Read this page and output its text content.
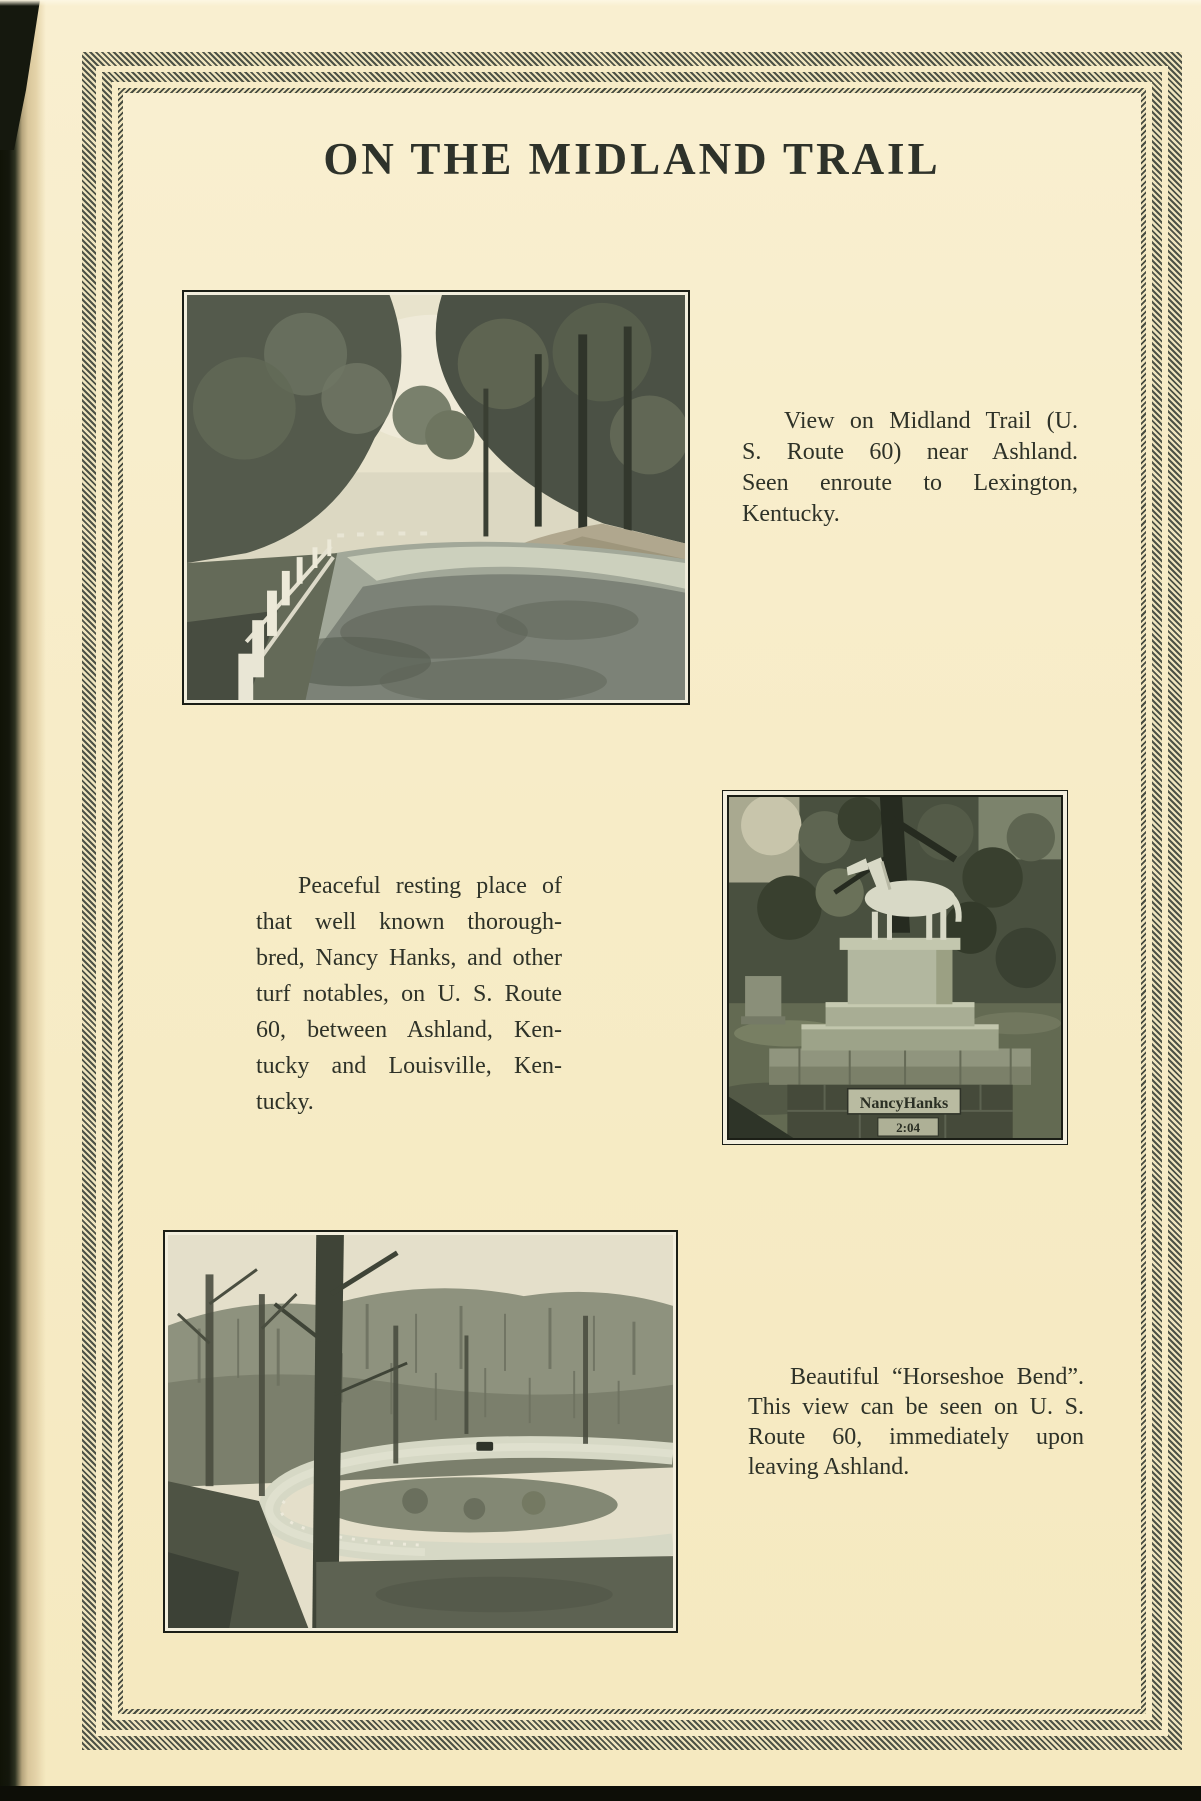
ON THE MIDLAND TRAIL
View on Midland Trail (U.
S. Route 60) near Ashland.
Seen enroute to Lexington,
Kentucky.
Peaceful resting place of
that well known thorough-
bred, Nancy Hanks, and other
turf notables, on U. S. Route
60, between Ashland, Ken-
tucky and Louisville, Ken-
tucky.	NancyHanks
2:04
Beautiful “Horseshoe Bend”.
This view can be seen on U. S.
Route 60, immediately upon
leaving Ashland.
